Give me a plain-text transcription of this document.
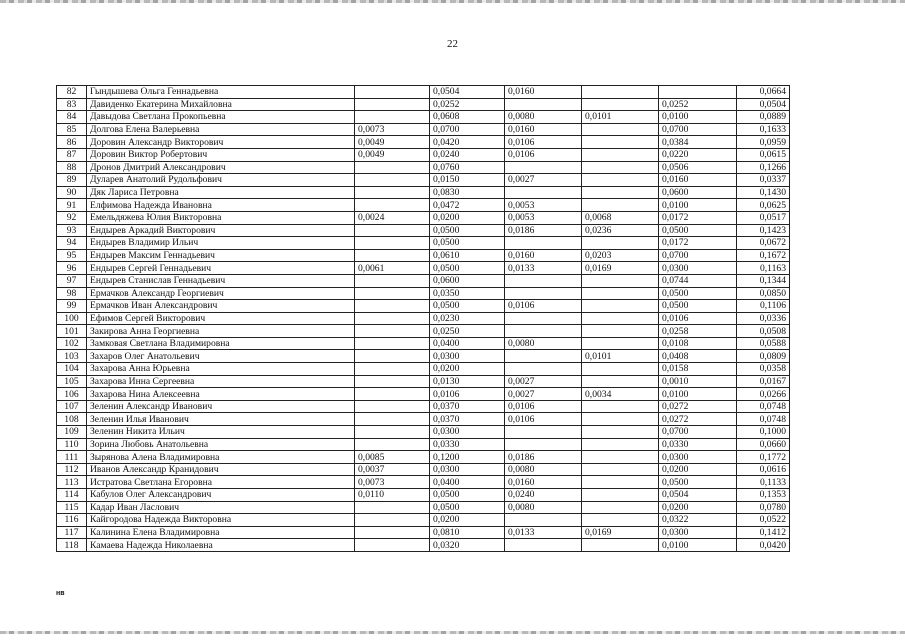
22
82	Гындышева Ольга Геннадьевна		0,0504	0,0160			0,0664
83	Давиденко Екатерина Михайловна		0,0252			0,0252	0,0504
84	Давыдова Светлана Прокопьевна		0,0608	0,0080	0,0101	0,0100	0,0889
85	Долгова Елена Валерьевна	0,0073	0,0700	0,0160		0,0700	0,1633
86	Доровин Александр Викторович	0,0049	0,0420	0,0106		0,0384	0,0959
87	Доровин Виктор Робертович	0,0049	0,0240	0,0106		0,0220	0,0615
88	Дронов Дмитрий Александрович		0,0760			0,0506	0,1266
89	Дуларев Анатолий Рудольфович		0,0150	0,0027		0,0160	0,0337
90	Дяк Лариса Петровна		0,0830			0,0600	0,1430
91	Елфимова Надежда Ивановна		0,0472	0,0053		0,0100	0,0625
92	Емельдяжева Юлия Викторовна	0,0024	0,0200	0,0053	0,0068	0,0172	0,0517
93	Ендырев Аркадий Викторович		0,0500	0,0186	0,0236	0,0500	0,1423
94	Ендырев Владимир Ильич		0,0500			0,0172	0,0672
95	Ендырев Максим Геннадьевич		0,0610	0,0160	0,0203	0,0700	0,1672
96	Ендырев Сергей Геннадьевич	0,0061	0,0500	0,0133	0,0169	0,0300	0,1163
97	Ендырев Станислав Геннадьевич		0,0600			0,0744	0,1344
98	Ермачков Александр Георгиевич		0,0350			0,0500	0,0850
99	Ермачков Иван Александрович		0,0500	0,0106		0,0500	0,1106
100	Ефимов Сергей Викторович		0,0230			0,0106	0,0336
101	Закирова Анна Георгиевна		0,0250			0,0258	0,0508
102	Замковая Светлана Владимировна		0,0400	0,0080		0,0108	0,0588
103	Захаров Олег Анатольевич		0,0300		0,0101	0,0408	0,0809
104	Захарова Анна Юрьевна		0,0200			0,0158	0,0358
105	Захарова Инна Сергеевна		0,0130	0,0027		0,0010	0,0167
106	Захарова Нина Алексеевна		0,0106	0,0027	0,0034	0,0100	0,0266
107	Зеленин Александр Иванович		0,0370	0,0106		0,0272	0,0748
108	Зеленин Илья Иванович		0,0370	0,0106		0,0272	0,0748
109	Зеленин Никита Ильич		0,0300			0,0700	0,1000
110	Зорина Любовь Анатольевна		0,0330			0,0330	0,0660
111	Зырянова Алена Владимировна	0,0085	0,1200	0,0186		0,0300	0,1772
112	Иванов Александр Кранидович	0,0037	0,0300	0,0080		0,0200	0,0616
113	Истратова Светлана Егоровна	0,0073	0,0400	0,0160		0,0500	0,1133
114	Кабулов Олег Александрович	0,0110	0,0500	0,0240		0,0504	0,1353
115	Кадар Иван Ласлович		0,0500	0,0080		0,0200	0,0780
116	Кайгородова Надежда Викторовна		0,0200			0,0322	0,0522
117	Калинина Елена Владимировна		0,0810	0,0133	0,0169	0,0300	0,1412
118	Камаева Надежда Николаевна		0,0320			0,0100	0,0420
нв
